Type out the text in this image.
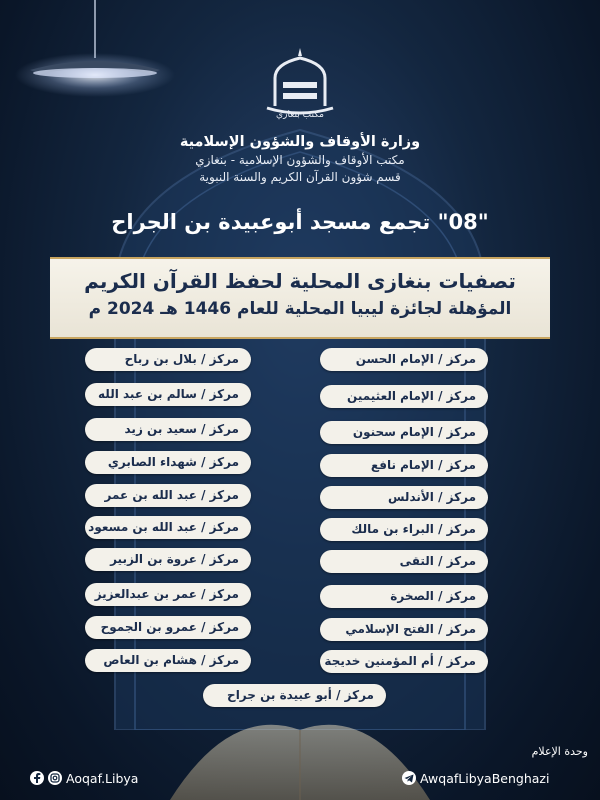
مكتب بنغازي
وزارة الأوقاف والشؤون الإسلامية
مكتب الأوقاف والشؤون الإسلامية - بنغازي
قسم شؤون القرآن الكريم والسنة النبوية
"08" تجمع مسجد أبوعبيدة بن الجراح
تصفيات بنغازى المحلية لحفظ القرآن الكريم
المؤهلة لجائزة ليبيا المحلية للعام 1446 هـ 2024 م
مركز / الإمام الحسن
مركز / الإمام العثيمين
مركز / الإمام سحنون
مركز / الإمام نافع
مركز / الأندلس
مركز / البراء بن مالك
مركز / التقى
مركز / الصخرة
مركز / الفتح الإسلامي
مركز / أم المؤمنين خديجة
مركز / بلال بن رباح
مركز / سالم بن عبد الله
مركز / سعيد بن زيد
مركز / شهداء الصابري
مركز / عبد الله بن عمر
مركز / عبد الله بن مسعود
مركز / عروة بن الزبير
مركز / عمر بن عبدالعزيز
مركز / عمرو بن الجموح
مركز / هشام بن العاص
مركز / أبو عبيدة بن جراح
وحدة الإعلام
Aoqaf.Libya	AwqafLibyaBenghazi
